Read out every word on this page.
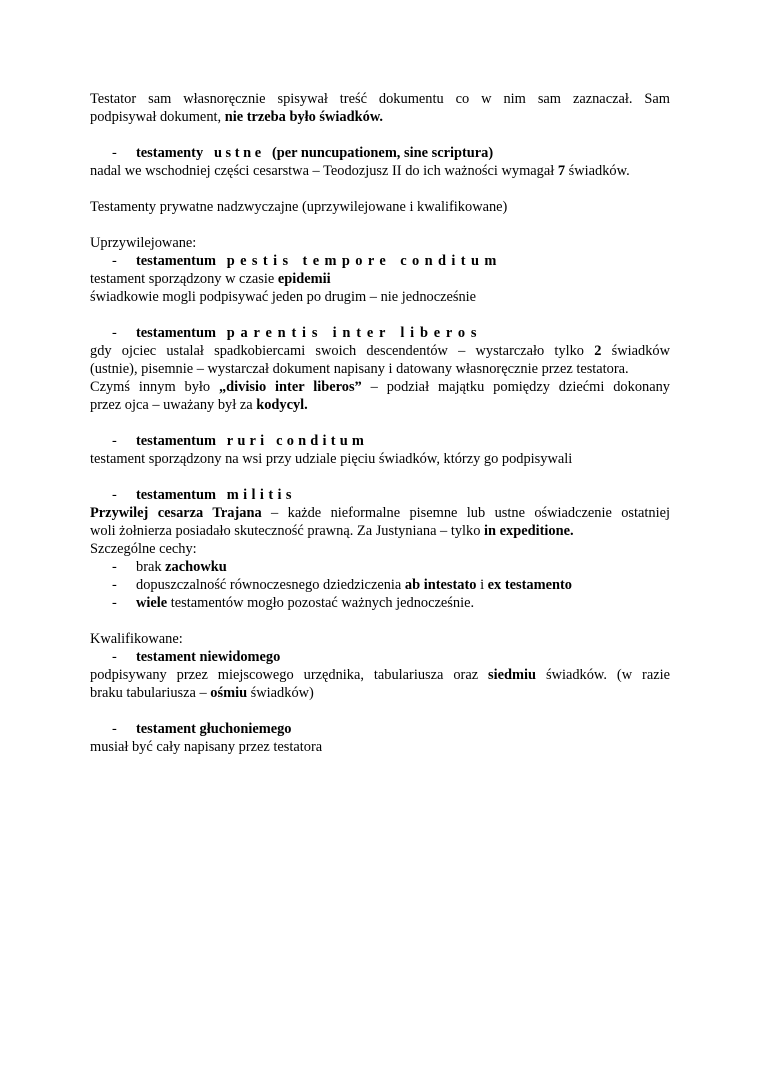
Testator sam własnoręcznie spisywał treść dokumentu co w nim sam zaznaczał. Sam

podpisywał dokument, nie trzeba było świadków.

-	testamenty ustne (per nuncupationem, sine scriptura)

nadal we wschodniej części cesarstwa – Teodozjusz II do ich ważności wymagał 7 świadków.

Testamenty prywatne nadzwyczajne (uprzywilejowane i kwalifikowane)

Uprzywilejowane:

-	testamentum pestis tempore conditum

testament sporządzony w czasie epidemii

świadkowie mogli podpisywać jeden po drugim – nie jednocześnie

-	testamentum parentis inter liberos

gdy ojciec ustalał spadkobiercami swoich descendentów – wystarczało tylko 2 świadków

(ustnie), pisemnie – wystarczał dokument napisany i datowany własnoręcznie przez testatora.

Czymś innym było „divisio inter liberos” – podział majątku pomiędzy dziećmi dokonany

przez ojca – uważany był za kodycyl.

-	testamentum ruri conditum

testament sporządzony na wsi przy udziale pięciu świadków, którzy go podpisywali

-	testamentum militis

Przywilej cesarza Trajana – każde nieformalne pisemne lub ustne oświadczenie ostatniej

woli żołnierza posiadało skuteczność prawną. Za Justyniana – tylko in expeditione.

Szczególne cechy:

-	brak zachowku
-	dopuszczalność równoczesnego dziedziczenia ab intestato i ex testamento
-	wiele testamentów mogło pozostać ważnych jednocześnie.

Kwalifikowane:

-	testament niewidomego

podpisywany przez miejscowego urzędnika, tabulariusza oraz siedmiu świadków. (w razie

braku tabulariusza – ośmiu świadków)

-	testament głuchoniemego

musiał być cały napisany przez testatora
